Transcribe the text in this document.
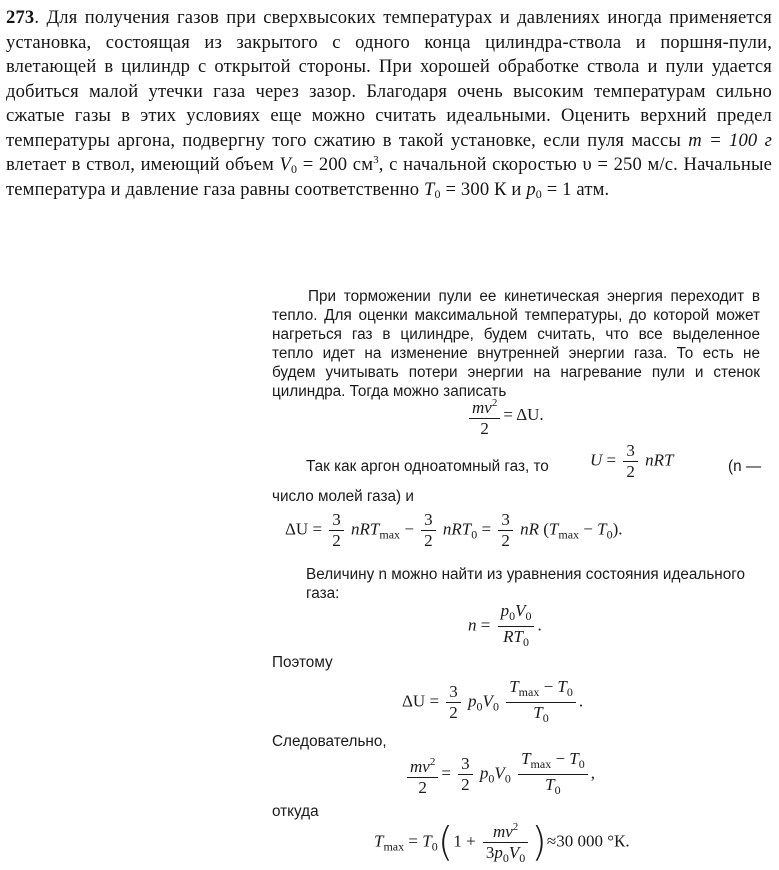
273. Для получения газов при сверхвысоких температурах и давлениях иногда применяется установка, состоящая из закрытого с одного конца цилиндра-ствола и поршня-пули, влетающей в цилиндр с открытой стороны. При хорошей обработке ствола и пули удается добиться малой утечки газа через зазор. Благодаря очень высоким температурам сильно сжатые газы в этих условиях еще можно считать идеальными. Оценить верхний предел температуры аргона, подвергну того сжатию в такой установке, если пуля массы m = 100 г влетает в ствол, имеющий объем $V_0 = 200$ $см^3$, с начальной скоростью υ = 250 м/с. Начальные температура и давление газа равны соответственно $T_0 = 300$ К и $p_0 = 1$ атм.
При торможении пули ее кинетическая энергия переходит в тепло. Для оценки максимальной температуры, до которой может нагреться газ в цилиндре, будем считать, что все выделенное тепло идет на изменение внутренней энергии газа. То есть не будем учитывать потери энергии на нагревание пули и стенок цилиндра. Тогда можно записать
$\frac{mv^2}{2} = \Delta U$.
Так как аргон одноатомный газ, то $U = \frac{3}{2}$ nRT	(n —
число молей газа) и
$\Delta U = \frac{3}{2} nRT_{max} - \frac{3}{2} nRT_0 = \frac{3}{2}$ nR $(T_{max} - T_0)$.
Величину n можно найти из уравнения состояния идеального газа:
$n = \frac{p_0V_0}{RT_0}$ .
Поэтому
$\Delta U = \frac{3}{2} p_0V_0 \frac{T_{max} - T_0}{T_0}$ .
Следовательно,
$\frac{mv^2}{2} = \frac{3}{2} p_0V_0 \frac{T_{max} - T_0}{T_0}$ ,
откуда
$T_{max} = T_0(1 + \frac{mv^2}{3p_0V_0} )\approx 30$ 000 °К.
